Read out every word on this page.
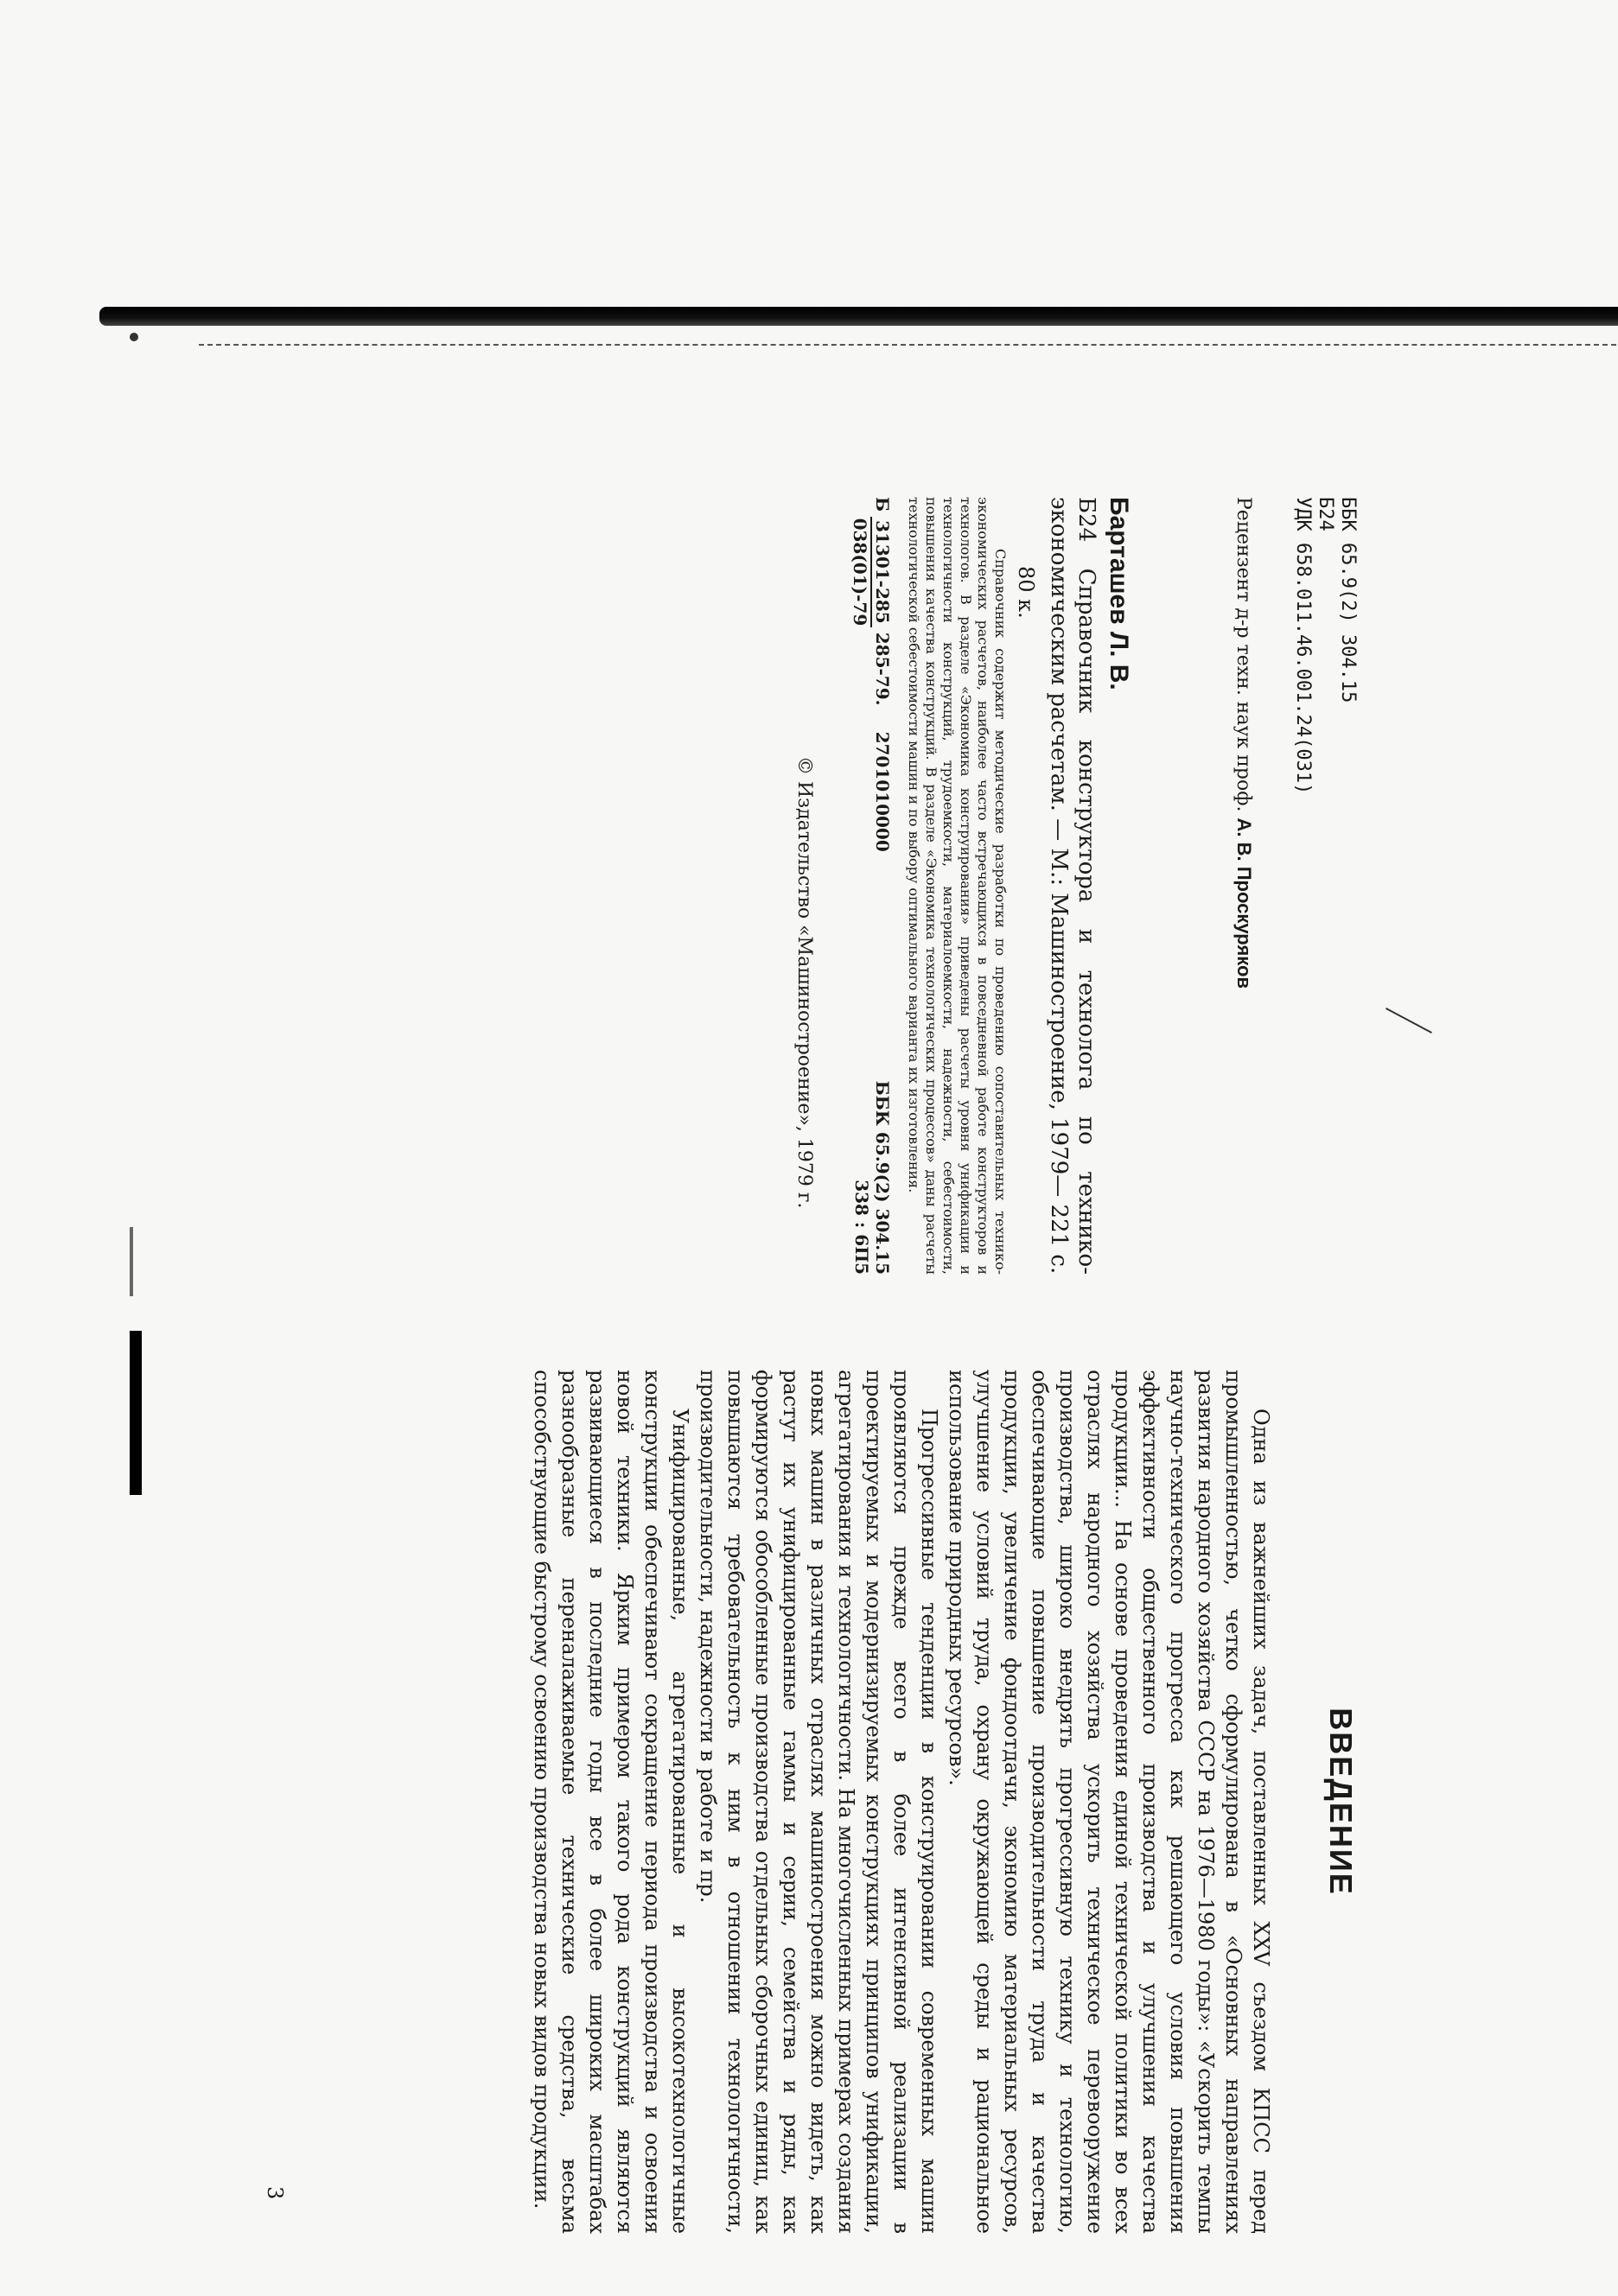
ББК 65.9(2) 304.15

Б24

УДК 658.011.46.001.24(031)

Рецензент д-р техн. наук проф. А. В. Проскуряков

Барташев Л. В.

Б24 Справочник конструктора и технолога по технико-экономическим расчетам. — М.: Машиностроение, 1979— 221 с.

80 к.

Справочник содержит методические разработки по проведению сопоставительных технико-экономических расчетов, наиболее часто встречающихся в повседневной работе конструкторов и технологов. В разделе «Экономика конструирования» приведены расчеты уровня унификации и технологичности конструкций, трудоемкости, материалоемкости, надежности, себестоимости, повышения качества конструкций. В разделе «Экономика технологических процессов» даны расчеты технологической себестоимости машин и по выбору оптимального варианта их изготовления.

Б
31301-285
038(01)-79
285-79.
2701010000
ББК 65.9(2) 304.15
338 : 6П5

© Издательство «Машиностроение», 1979 г.

ВВЕДЕНИЕ

Одна из важнейших задач, поставленных XXV съездом КПСС перед промышленностью, четко сформулирована в «Основных направлениях развития народного хозяйства СССР на 1976—1980 годы»: «Ускорить темпы научно-технического прогресса как решающего условия повышения эффективности общественного производства и улучшения качества продукции... На основе проведения единой технической политики во всех отраслях народного хозяйства ускорить техническое перевооружение производства, широко внедрять прогрессивную технику и технологию, обеспечивающие повышение производительности труда и качества продукции, увеличение фондоотдачи, экономию материальных ресурсов, улучшение условий труда, охрану окружающей среды и рациональное использование природных ресурсов».

Прогрессивные тенденции в конструировании современных машин проявляются прежде всего в более интенсивной реализации в проектируемых и модернизируемых конструкциях принципов унификации, агрегатирования и технологичности. На многочисленных примерах создания новых машин в различных отраслях машиностроения можно видеть, как растут их унифицированные гаммы и серии, семейства и ряды, как формируются обособленные производства отдельных сборочных единиц, как повышаются требовательность к ним в отношении технологичности, производительности, надежности в работе и пр.

Унифицированные, агрегатированные и высокотехнологичные конструкции обеспечивают сокращение периода производства и освоения новой техники. Ярким примером такого рода конструкций являются развивающиеся в последние годы все в более широких масштабах разнообразные переналаживаемые технические средства, весьма способствующие быстрому освоению производства новых видов продукции.

3
